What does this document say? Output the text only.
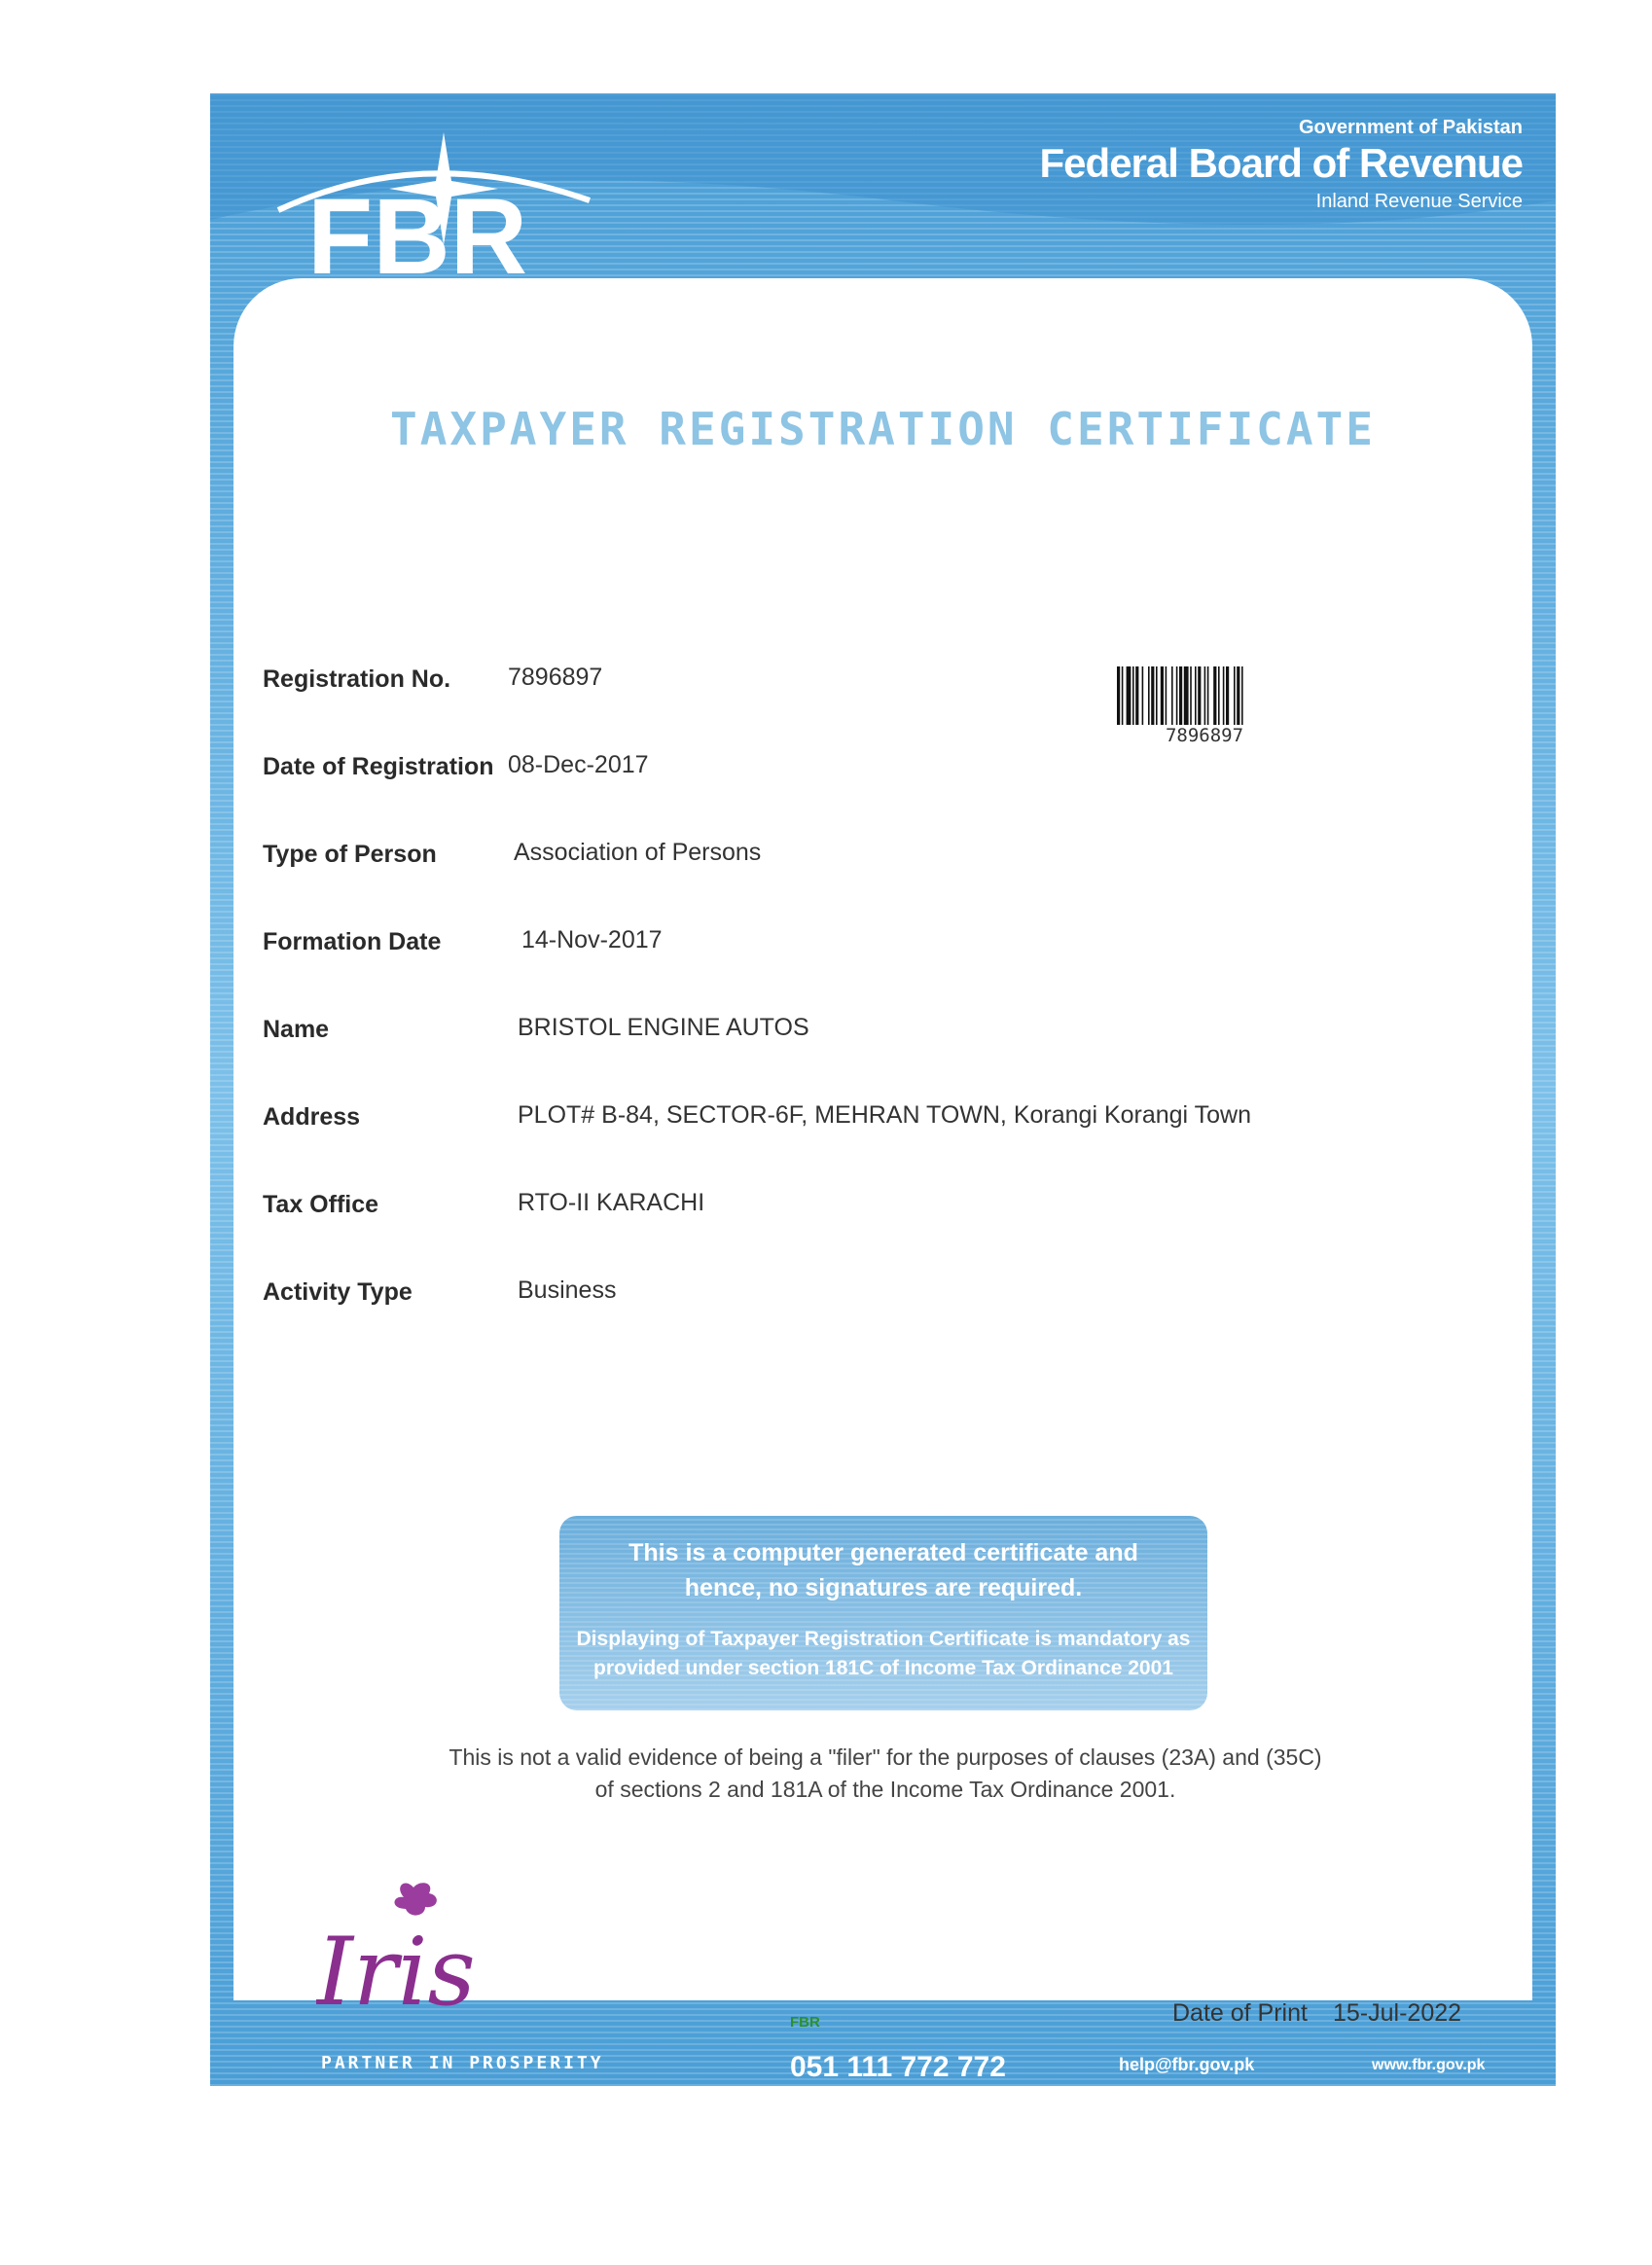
FBR
PAKISTAN
Government of Pakistan
Federal Board of Revenue
Inland Revenue Service
TAXPAYER REGISTRATION CERTIFICATE
Registration No. 7896897
Date of Registration 08-Dec-2017
Type of Person	Association of Persons
Formation Date	14-Nov-2017
Name	BRISTOL ENGINE AUTOS
Address	PLOT# B-84, SECTOR-6F, MEHRAN TOWN, Korangi Korangi Town
Tax Office	RTO-II KARACHI
Activity Type	Business
7896897
This is a computer generated certificate and
hence, no signatures are required.
Displaying of Taxpayer Registration Certificate is mandatory as
provided under section 181C of Income Tax Ordinance 2001
This is not a valid evidence of being a "filer" for the purposes of clauses (23A) and (35C)
of sections 2 and 181A of the Income Tax Ordinance 2001.
Iris	Date of Print 15-Jul-2022
FBR
PARTNER IN PROSPERITY	051 111 772 772	help@fbr.gov.pk	www.fbr.gov.pk
